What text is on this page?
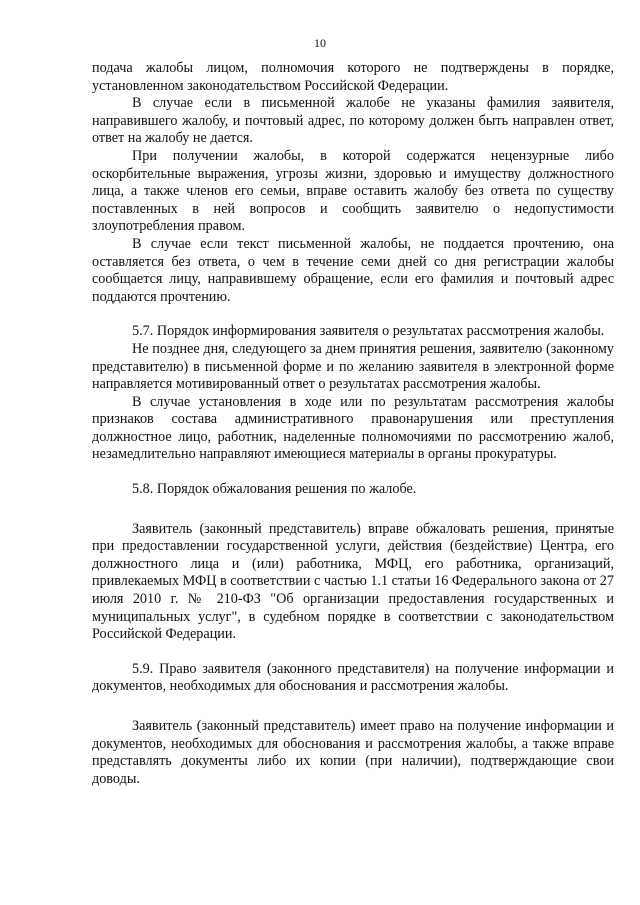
10

подача жалобы лицом, полномочия которого не подтверждены в порядке, установленном законодательством Российской Федерации.

В случае если в письменной жалобе не указаны фамилия заявителя, направившего жалобу, и почтовый адрес, по которому должен быть направлен ответ, ответ на жалобу не дается.

При получении жалобы, в которой содержатся нецензурные либо оскорбительные выражения, угрозы жизни, здоровью и имуществу должностного лица, а также членов его семьи, вправе оставить жалобу без ответа по существу поставленных в ней вопросов и сообщить заявителю о недопустимости злоупотребления правом.

В случае если текст письменной жалобы, не поддается прочтению, она оставляется без ответа, о чем в течение семи дней со дня регистрации жалобы сообщается лицу, направившему обращение, если его фамилия и почтовый адрес поддаются прочтению.

5.7. Порядок информирования заявителя о результатах рассмотрения жалобы.

Не позднее дня, следующего за днем принятия решения, заявителю (законному представителю) в письменной форме и по желанию заявителя в электронной форме направляется мотивированный ответ о результатах рассмотрения жалобы.

В случае установления в ходе или по результатам рассмотрения жалобы признаков состава административного правонарушения или преступления должностное лицо, работник, наделенные полномочиями по рассмотрению жалоб, незамедлительно направляют имеющиеся материалы в органы прокуратуры.

5.8. Порядок обжалования решения по жалобе.

Заявитель (законный представитель) вправе обжаловать решения, принятые при предоставлении государственной услуги, действия (бездействие) Центра, его должностного лица и (или) работника, МФЦ, его работника, организаций, привлекаемых МФЦ в соответствии с частью 1.1 статьи 16 Федерального закона от 27 июля 2010 г. № 210-ФЗ "Об организации предоставления государственных и муниципальных услуг", в судебном порядке в соответствии с законодательством Российской Федерации.

5.9. Право заявителя (законного представителя) на получение информации и документов, необходимых для обоснования и рассмотрения жалобы.

Заявитель (законный представитель) имеет право на получение информации и документов, необходимых для обоснования и рассмотрения жалобы, а также вправе представлять документы либо их копии (при наличии), подтверждающие свои доводы.
